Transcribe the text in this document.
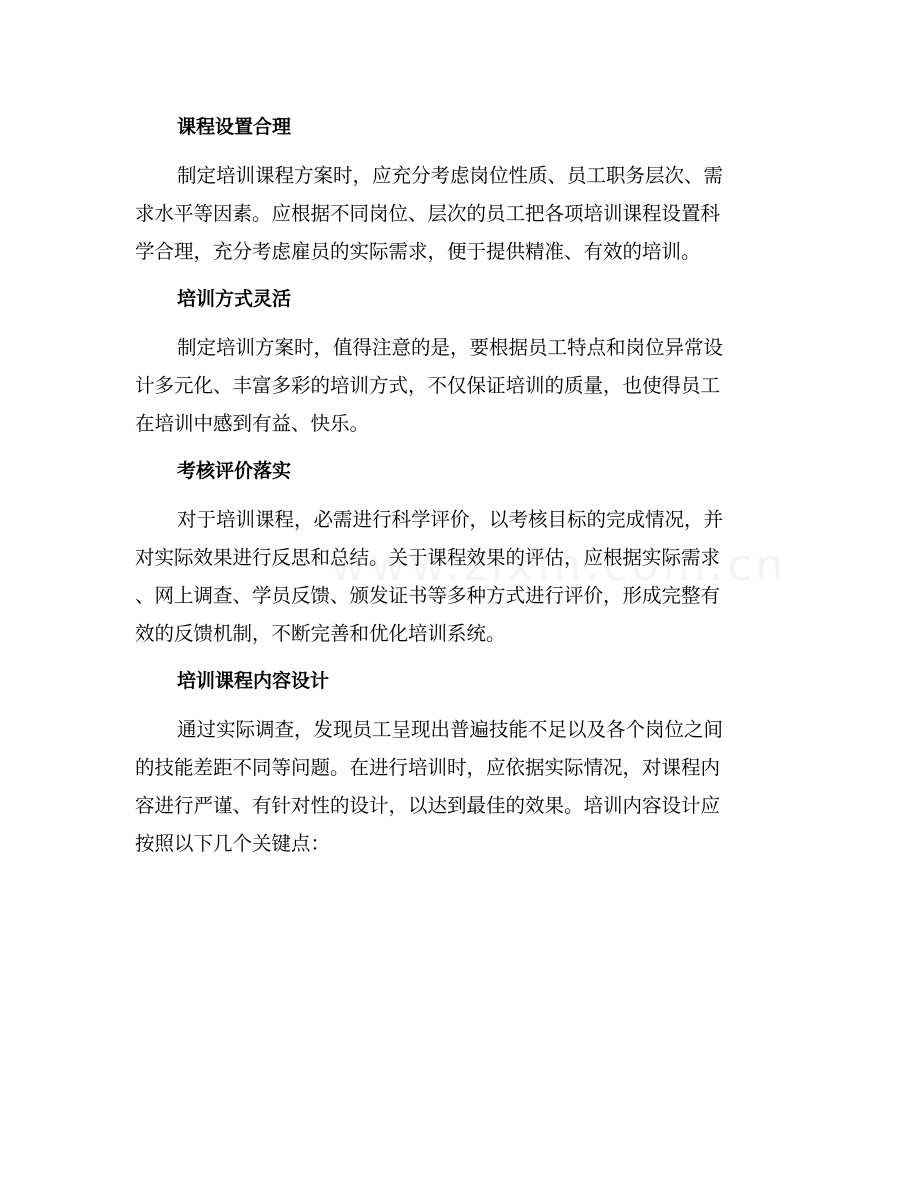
课程设置合理
制定培训课程方案时，应充分考虑岗位性质、员工职务层次、需
求水平等因素。应根据不同岗位、层次的员工把各项培训课程设置科
学合理，充分考虑雇员的实际需求，便于提供精准、有效的培训。
培训方式灵活
制定培训方案时，值得注意的是，要根据员工特点和岗位异常设
计多元化、丰富多彩的培训方式，不仅保证培训的质量，也使得员工
在培训中感到有益、快乐。
考核评价落实
对于培训课程，必需进行科学评价，以考核目标的完成情况，并
对实际效果进行反思和总结。关于课程效果的评估，应根据实际需求
、网上调查、学员反馈、颁发证书等多种方式进行评价，形成完整有
效的反馈机制，不断完善和优化培训系统。
培训课程内容设计
通过实际调查，发现员工呈现出普遍技能不足以及各个岗位之间
的技能差距不同等问题。在进行培训时，应依据实际情况，对课程内
容进行严谨、有针对性的设计，以达到最佳的效果。培训内容设计应
按照以下几个关键点：
